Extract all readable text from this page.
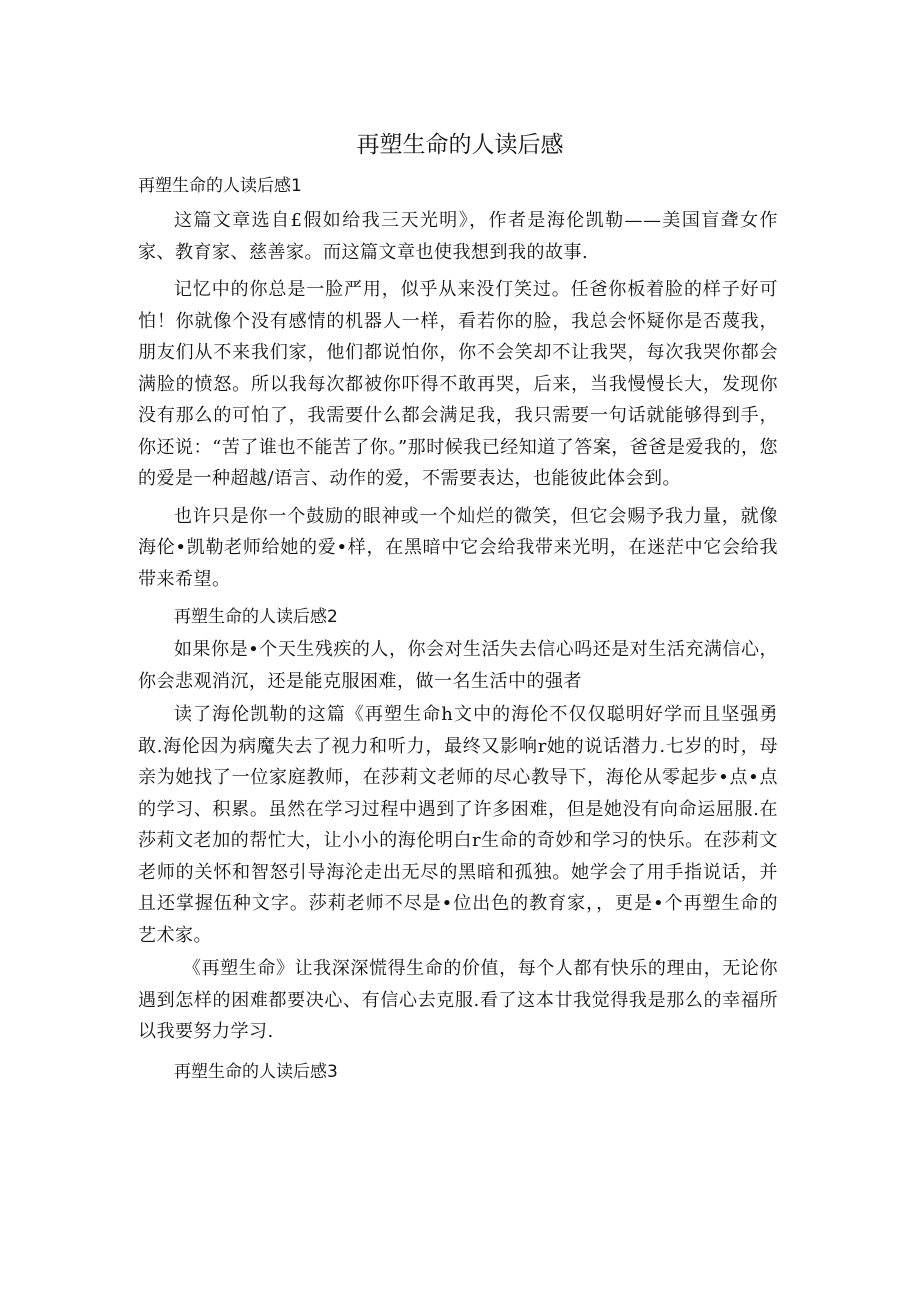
再塑生命的人读后感

再塑生命的人读后感1

这篇文章选自£假如给我三天光明》，作者是海伦凯勒——美国盲聋女作家、教育家、慈善家。而这篇文章也使我想到我的故事.

记忆中的你总是一脸严用，似乎从来没仃笑过。任爸你板着脸的样子好可怕！你就像个没有感情的机器人一样，看若你的脸，我总会怀疑你是否蔑我，朋友们从不来我们家，他们都说怕你，你不会笑却不让我哭，每次我哭你都会满脸的愤怒。所以我每次都被你吓得不敢再哭，后来，当我慢慢长大，发现你没有那么的可怕了，我需要什么都会满足我，我只需要一句话就能够得到手，你还说：“苦了谁也不能苦了你。”那时候我已经知道了答案，爸爸是爱我的，您的爱是一种超越/语言、动作的爱，不需要表达，也能彼此体会到。

也许只是你一个鼓励的眼神或一个灿烂的微笑，但它会赐予我力量，就像海伦•凯勒老师给她的爱•样，在黑暗中它会给我带来光明，在迷茫中它会给我带来希望。

再塑生命的人读后感2

如果你是•个天生残疾的人，你会对生活失去信心吗还是对生活充满信心，你会悲观消沉，还是能克服困难，做一名生活中的强者

读了海伦凯勒的这篇《再塑生命h文中的海伦不仅仅聪明好学而且坚强勇敢.海伦因为病魔失去了视力和听力，最终又影响r她的说话潜力.七岁的时，母亲为她找了一位家庭教师，在莎莉文老师的尽心教导下，海伦从零起步•点•点的学习、积累。虽然在学习过程中遇到了许多困难，但是她没有向命运屈服.在莎莉文老加的帮忙大，让小小的海伦明白r生命的奇妙和学习的快乐。在莎莉文老师的关怀和智怒引导海沦走出无尽的黑暗和孤独。她学会了用手指说话，并且还掌握伍种文字。莎莉老师不尽是•位出色的教育家，，更是•个再塑生命的艺术家。

《再塑生命》让我深深慌得生命的价值，每个人都有快乐的理由，无论你遇到怎样的困难都要决心、有信心去克服.看了这本廿我觉得我是那么的幸福所以我要努力学习.

再塑生命的人读后感3
